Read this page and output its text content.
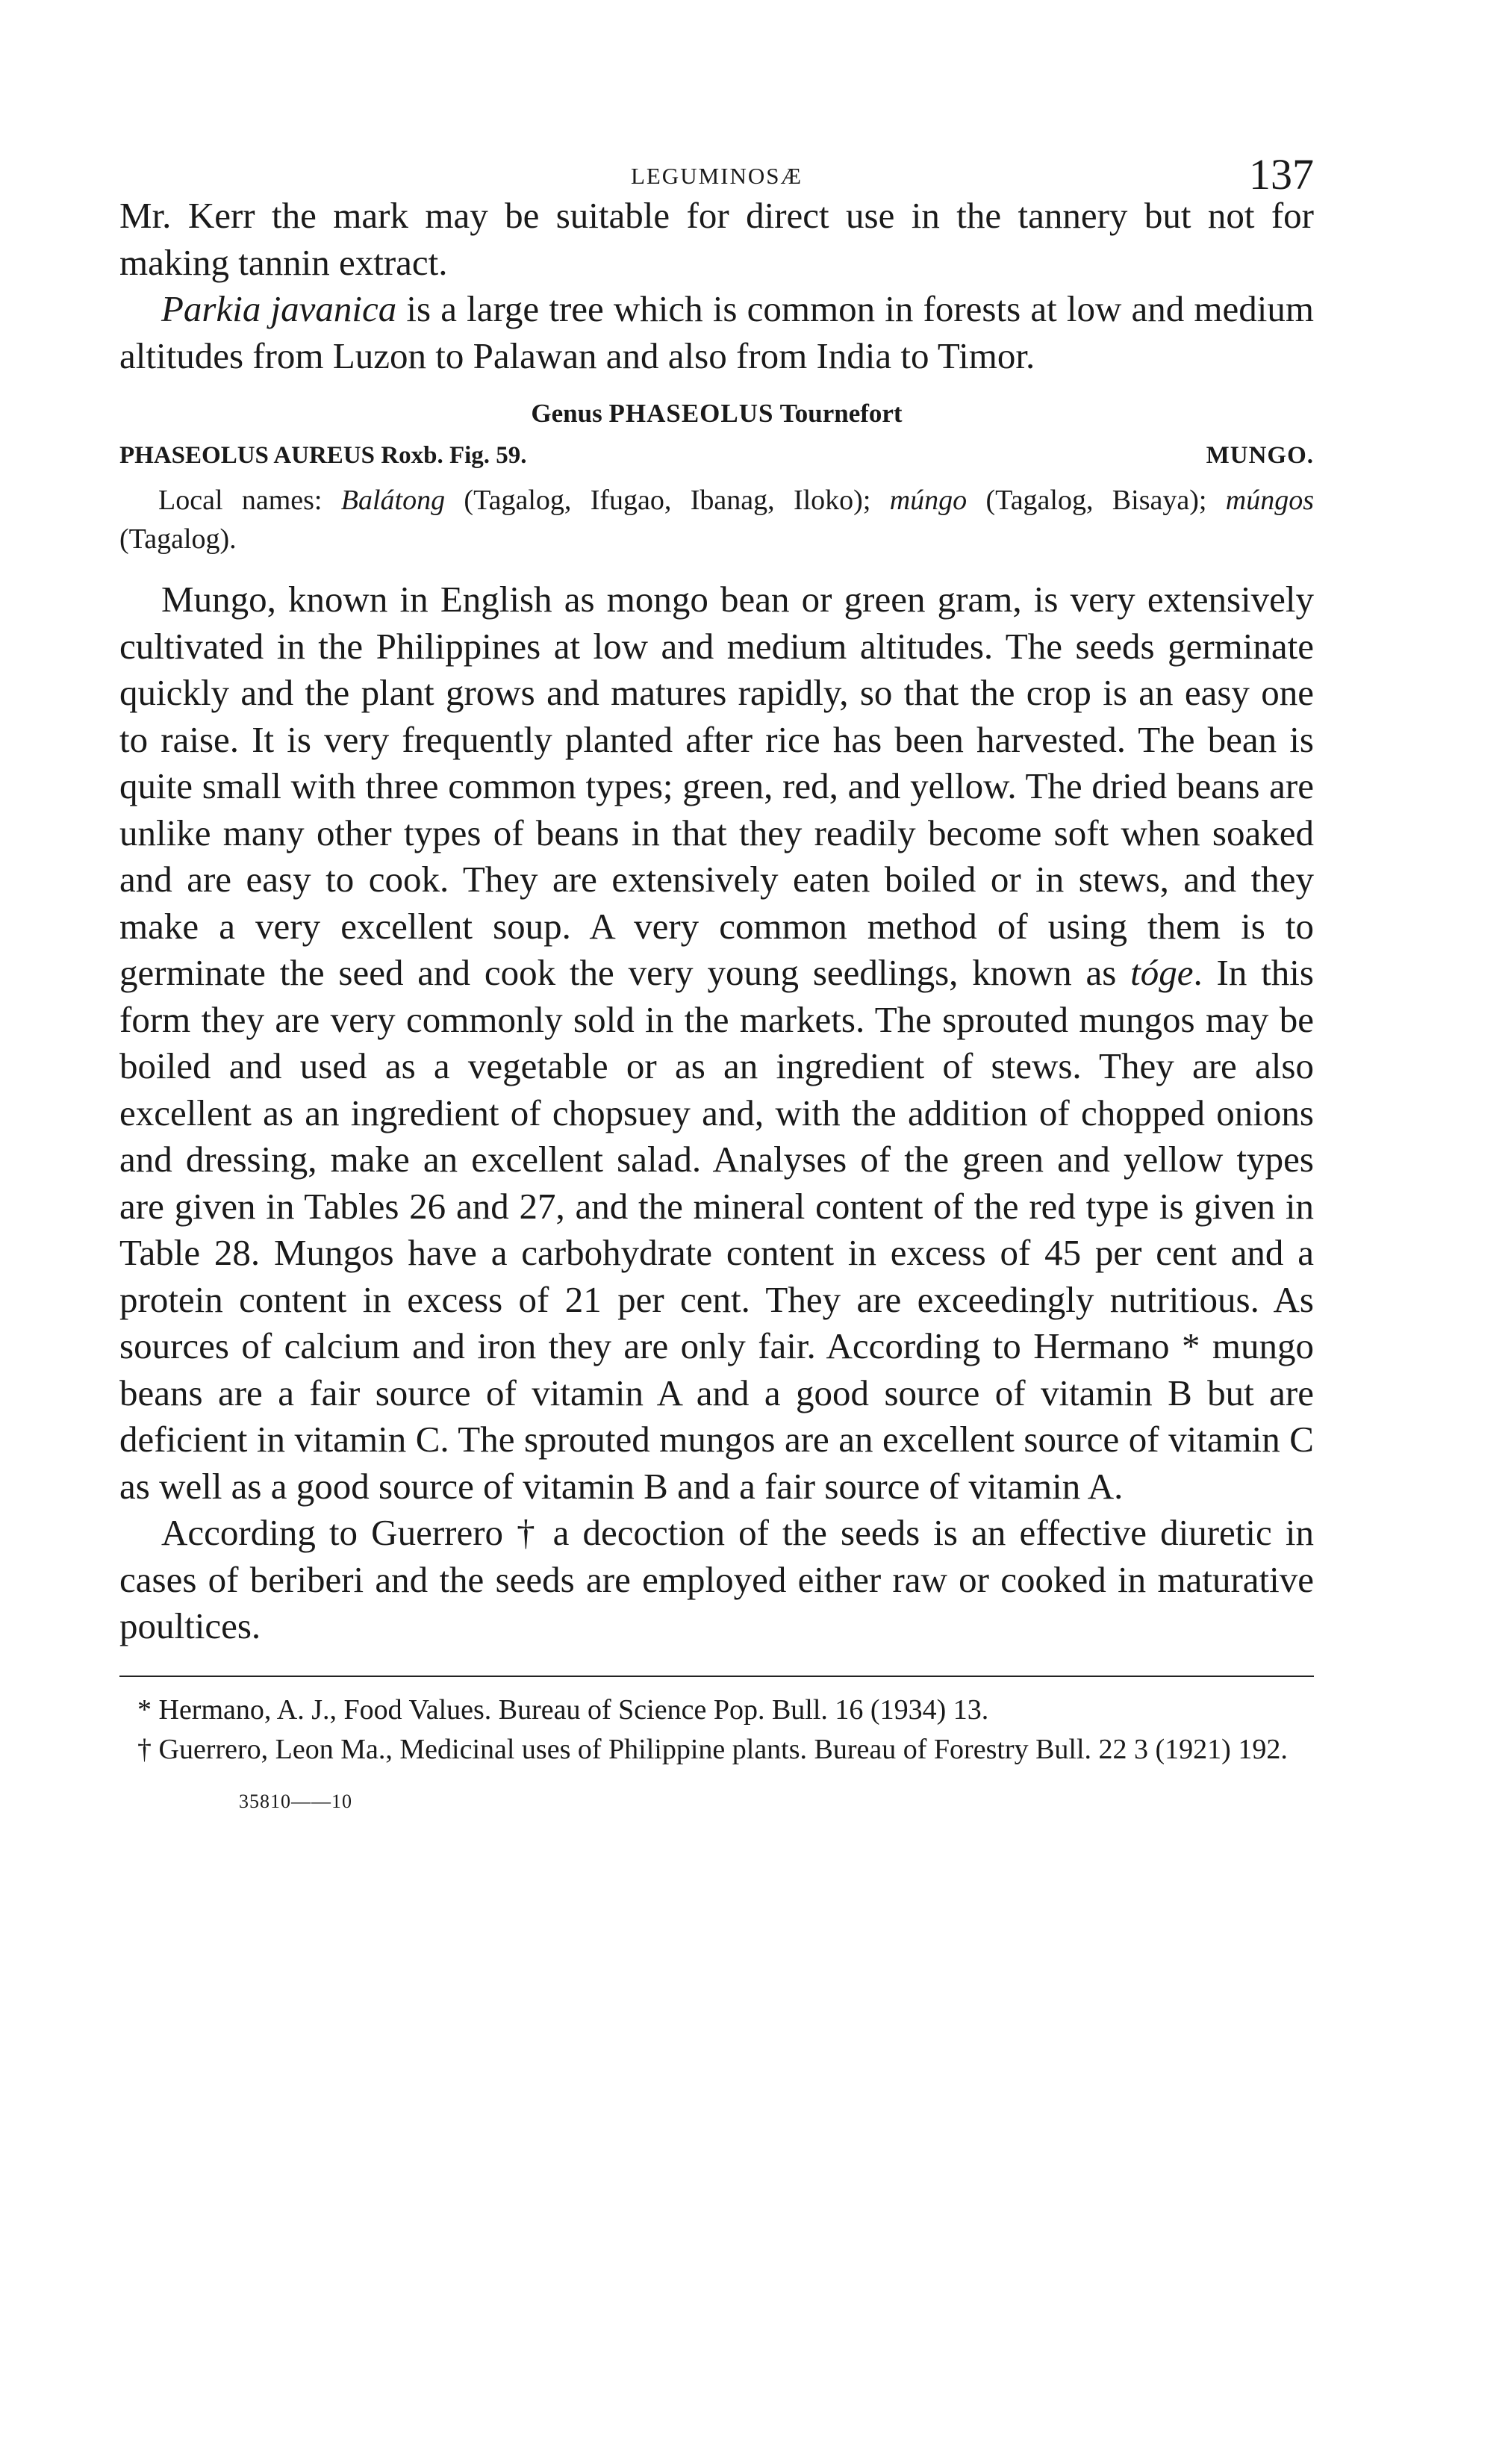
LEGUMINOSÆ	137

Mr. Kerr the mark may be suitable for direct use in the tannery but not for making tannin extract.

Parkia javanica is a large tree which is common in forests at low and medium altitudes from Luzon to Palawan and also from India to Timor.

Genus PHASEOLUS Tournefort
PHASEOLUS AUREUS Roxb. Fig. 59.	MUNGO.

Local names: Balátong (Tagalog, Ifugao, Ibanag, Iloko); múngo (Tagalog, Bisaya); múngos (Tagalog).

Mungo, known in English as mongo bean or green gram, is very extensively cultivated in the Philippines at low and medium altitudes. The seeds germinate quickly and the plant grows and matures rapidly, so that the crop is an easy one to raise. It is very frequently planted after rice has been harvested. The bean is quite small with three common types; green, red, and yellow. The dried beans are unlike many other types of beans in that they readily become soft when soaked and are easy to cook. They are extensively eaten boiled or in stews, and they make a very excellent soup. A very common method of using them is to germinate the seed and cook the very young seedlings, known as tóge. In this form they are very commonly sold in the markets. The sprouted mungos may be boiled and used as a vegetable or as an ingredient of stews. They are also excellent as an ingredient of chopsuey and, with the addition of chopped onions and dressing, make an excellent salad. Analyses of the green and yellow types are given in Tables 26 and 27, and the mineral content of the red type is given in Table 28. Mungos have a carbohydrate content in excess of 45 per cent and a protein content in excess of 21 per cent. They are exceedingly nutritious. As sources of calcium and iron they are only fair. According to Hermano * mungo beans are a fair source of vitamin A and a good source of vitamin B but are deficient in vitamin C. The sprouted mungos are an excellent source of vitamin C as well as a good source of vitamin B and a fair source of vitamin A.

According to Guerrero † a decoction of the seeds is an effective diuretic in cases of beriberi and the seeds are employed either raw or cooked in maturative poultices.

* Hermano, A. J., Food Values. Bureau of Science Pop. Bull. 16 (1934) 13.

† Guerrero, Leon Ma., Medicinal uses of Philippine plants. Bureau of Forestry Bull. 22 3 (1921) 192.

35810——10
